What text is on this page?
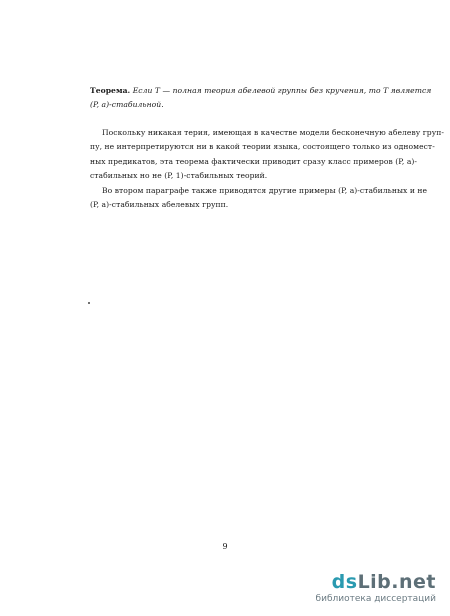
Теорема. Если T — полная теория абелевой группы без кручения, то T является
(P, a)-стабильной.
Поскольку никакая терия, имеющая в качестве модели бесконечную абелеву груп-
пу, не интерпретируются ни в какой теории языка, состоящего только из одномест-
ных предикатов, эта теорема фактически приводит сразу класс примеров (P, a)-
стабильных но не (P, 1)-стабильных теорий.
Во втором параграфе также приводятся другие примеры (P, a)-стабильных и не
(P, a)-стабильных абелевых групп.
9
dsLib.net
библиотека диссертаций
